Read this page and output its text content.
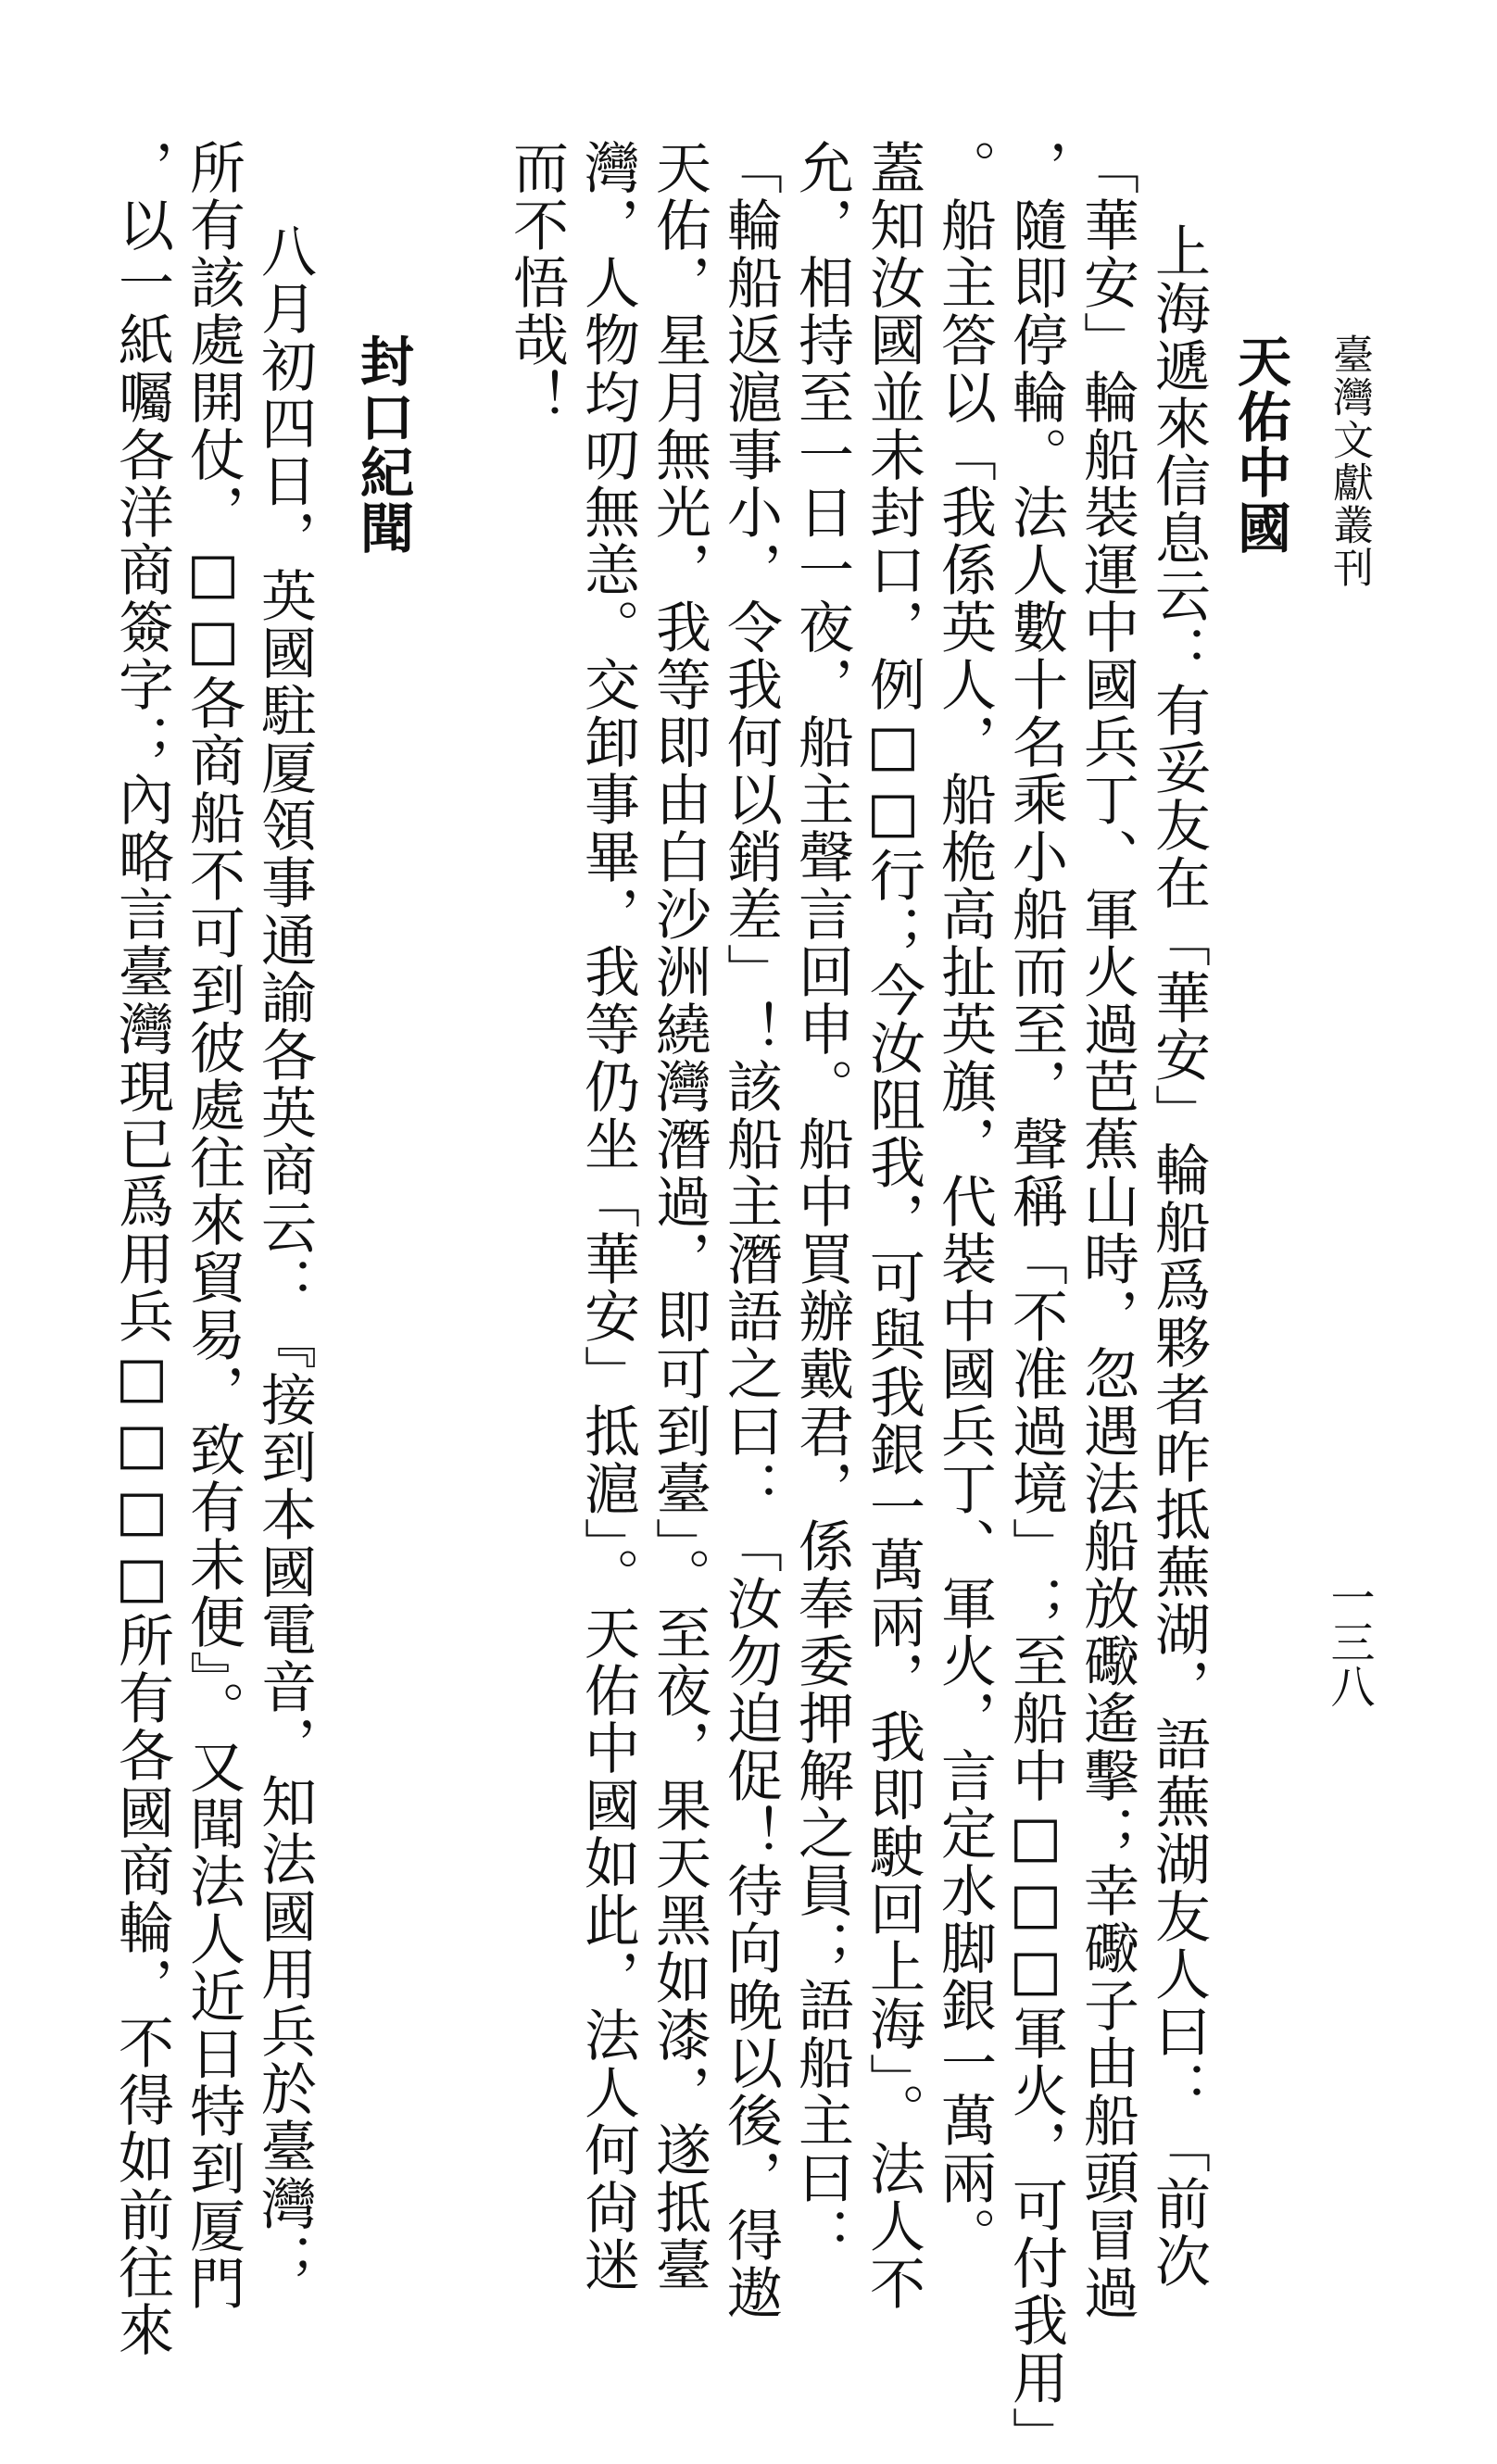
臺灣文獻叢刊
一三八
天佑中國
上海遞來信息云：有妥友在「華安」輪船爲夥者昨抵蕪湖，語蕪湖友人曰：「前次
「華安」輪船裝運中國兵丁、軍火過芭蕉山時，忽遇法船放礮遙擊；幸礮子由船頭冒過
，隨即停輪。法人數十名乘小船而至，聲稱「不准過境」；至船中□□□軍火，可付我用」
。船主答以「我係英人，船桅高扯英旗，代裝中國兵丁、軍火，言定水脚銀一萬兩。
蓋知汝國並未封口，例□□行；今汝阻我，可與我銀一萬兩，我即駛回上海」。法人不
允，相持至一日一夜，船主聲言回申。船中買辦戴君，係奉委押解之員；語船主曰：
「輪船返滬事小，令我何以銷差」！該船主潛語之曰：「汝勿迫促！待向晚以後，得遨
天佑，星月無光，我等即由白沙洲繞灣潛過，即可到臺」。至夜，果天黑如漆，遂抵臺
灣，人物均叨無恙。交卸事畢，我等仍坐「華安」抵滬」。天佑中國如此，法人何尙迷
而不悟哉！
封口紀聞
八月初四日，英國駐厦領事通諭各英商云：『接到本國電音，知法國用兵於臺灣；
所有該處開仗，□□各商船不可到彼處往來貿易，致有未便』。又聞法人近日特到厦門
，以一紙囑各洋商簽字；內略言臺灣現已爲用兵□□□□所有各國商輪，不得如前往來
